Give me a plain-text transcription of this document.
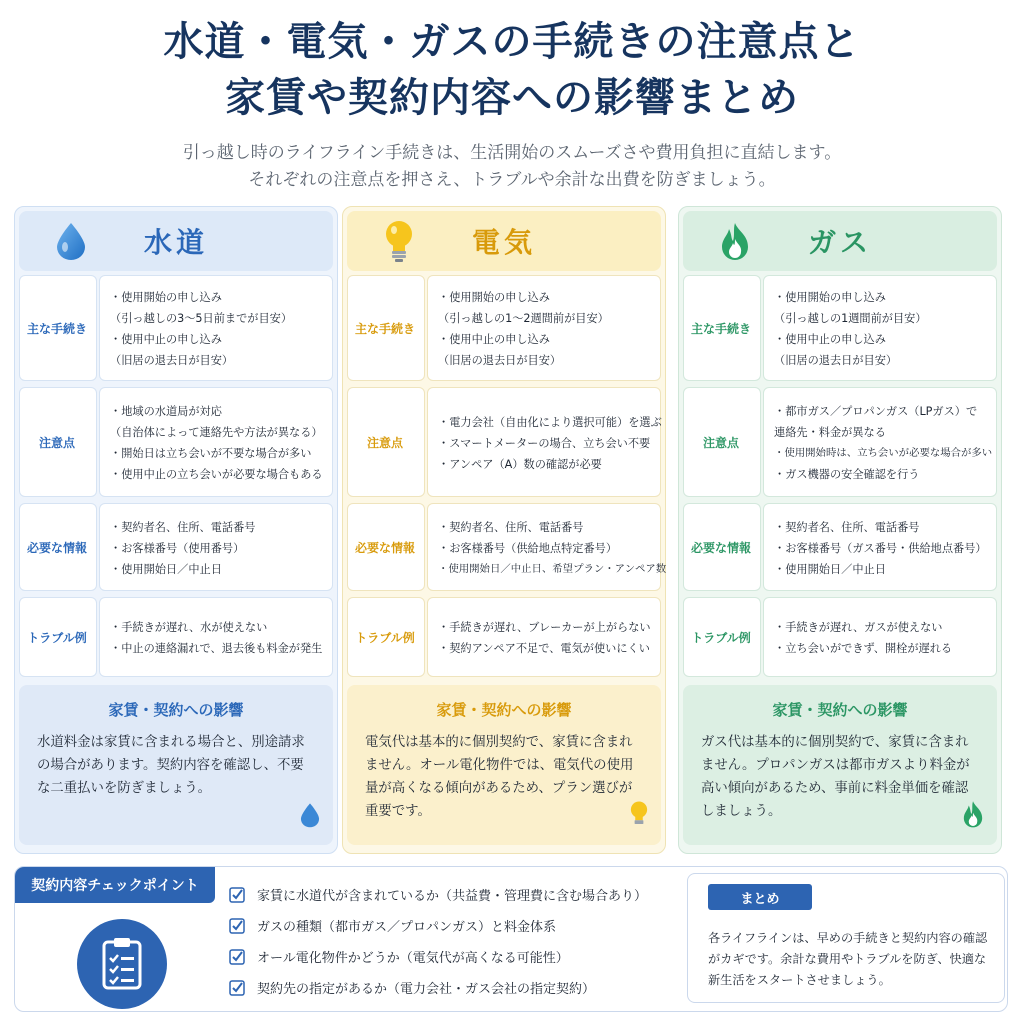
水道・電気・ガスの手続きの注意点と
家賃や契約内容への影響まとめ
引っ越し時のライフライン手続きは、生活開始のスムーズさや費用負担に直結します。
それぞれの注意点を押さえ、トラブルや余計な出費を防ぎましょう。
水道
主な手続き
・使用開始の申し込み
（引っ越しの3〜5日前までが目安）
・使用中止の申し込み
（旧居の退去日が目安）
注意点
・地域の水道局が対応
（自治体によって連絡先や方法が異なる）
・開始日は立ち会いが不要な場合が多い
・使用中止の立ち会いが必要な場合もある
必要な情報
・契約者名、住所、電話番号
・お客様番号（使用番号）
・使用開始日／中止日
トラブル例
・手続きが遅れ、水が使えない
・中止の連絡漏れで、退去後も料金が発生
家賃・契約への影響
水道料金は家賃に含まれる場合と、別途請求の場合があります。契約内容を確認し、不要な二重払いを防ぎましょう。
電気
主な手続き
・使用開始の申し込み
（引っ越しの1〜2週間前が目安）
・使用中止の申し込み
（旧居の退去日が目安）
注意点
・電力会社（自由化により選択可能）を選ぶ
・スマートメーターの場合、立ち会い不要
・アンペア（A）数の確認が必要
必要な情報
・契約者名、住所、電話番号
・お客様番号（供給地点特定番号）
・使用開始日／中止日、希望プラン・アンペア数
トラブル例
・手続きが遅れ、ブレーカーが上がらない
・契約アンペア不足で、電気が使いにくい
家賃・契約への影響
電気代は基本的に個別契約で、家賃に含まれません。オール電化物件では、電気代の使用量が高くなる傾向があるため、プラン選びが重要です。
ガス
主な手続き
・使用開始の申し込み
（引っ越しの1週間前が目安）
・使用中止の申し込み
（旧居の退去日が目安）
注意点
・都市ガス／プロパンガス（LPガス）で
連絡先・料金が異なる
・使用開始時は、立ち会いが必要な場合が多い
・ガス機器の安全確認を行う
必要な情報
・契約者名、住所、電話番号
・お客様番号（ガス番号・供給地点番号）
・使用開始日／中止日
トラブル例
・手続きが遅れ、ガスが使えない
・立ち会いができず、開栓が遅れる
家賃・契約への影響
ガス代は基本的に個別契約で、家賃に含まれません。プロパンガスは都市ガスより料金が高い傾向があるため、事前に料金単価を確認しましょう。
契約内容チェックポイント
家賃に水道代が含まれているか（共益費・管理費に含む場合あり）
ガスの種類（都市ガス／プロパンガス）と料金体系
オール電化物件かどうか（電気代が高くなる可能性）
契約先の指定があるか（電力会社・ガス会社の指定契約）
まとめ
各ライフラインは、早めの手続きと契約内容の確認がカギです。余計な費用やトラブルを防ぎ、快適な新生活をスタートさせましょう。
